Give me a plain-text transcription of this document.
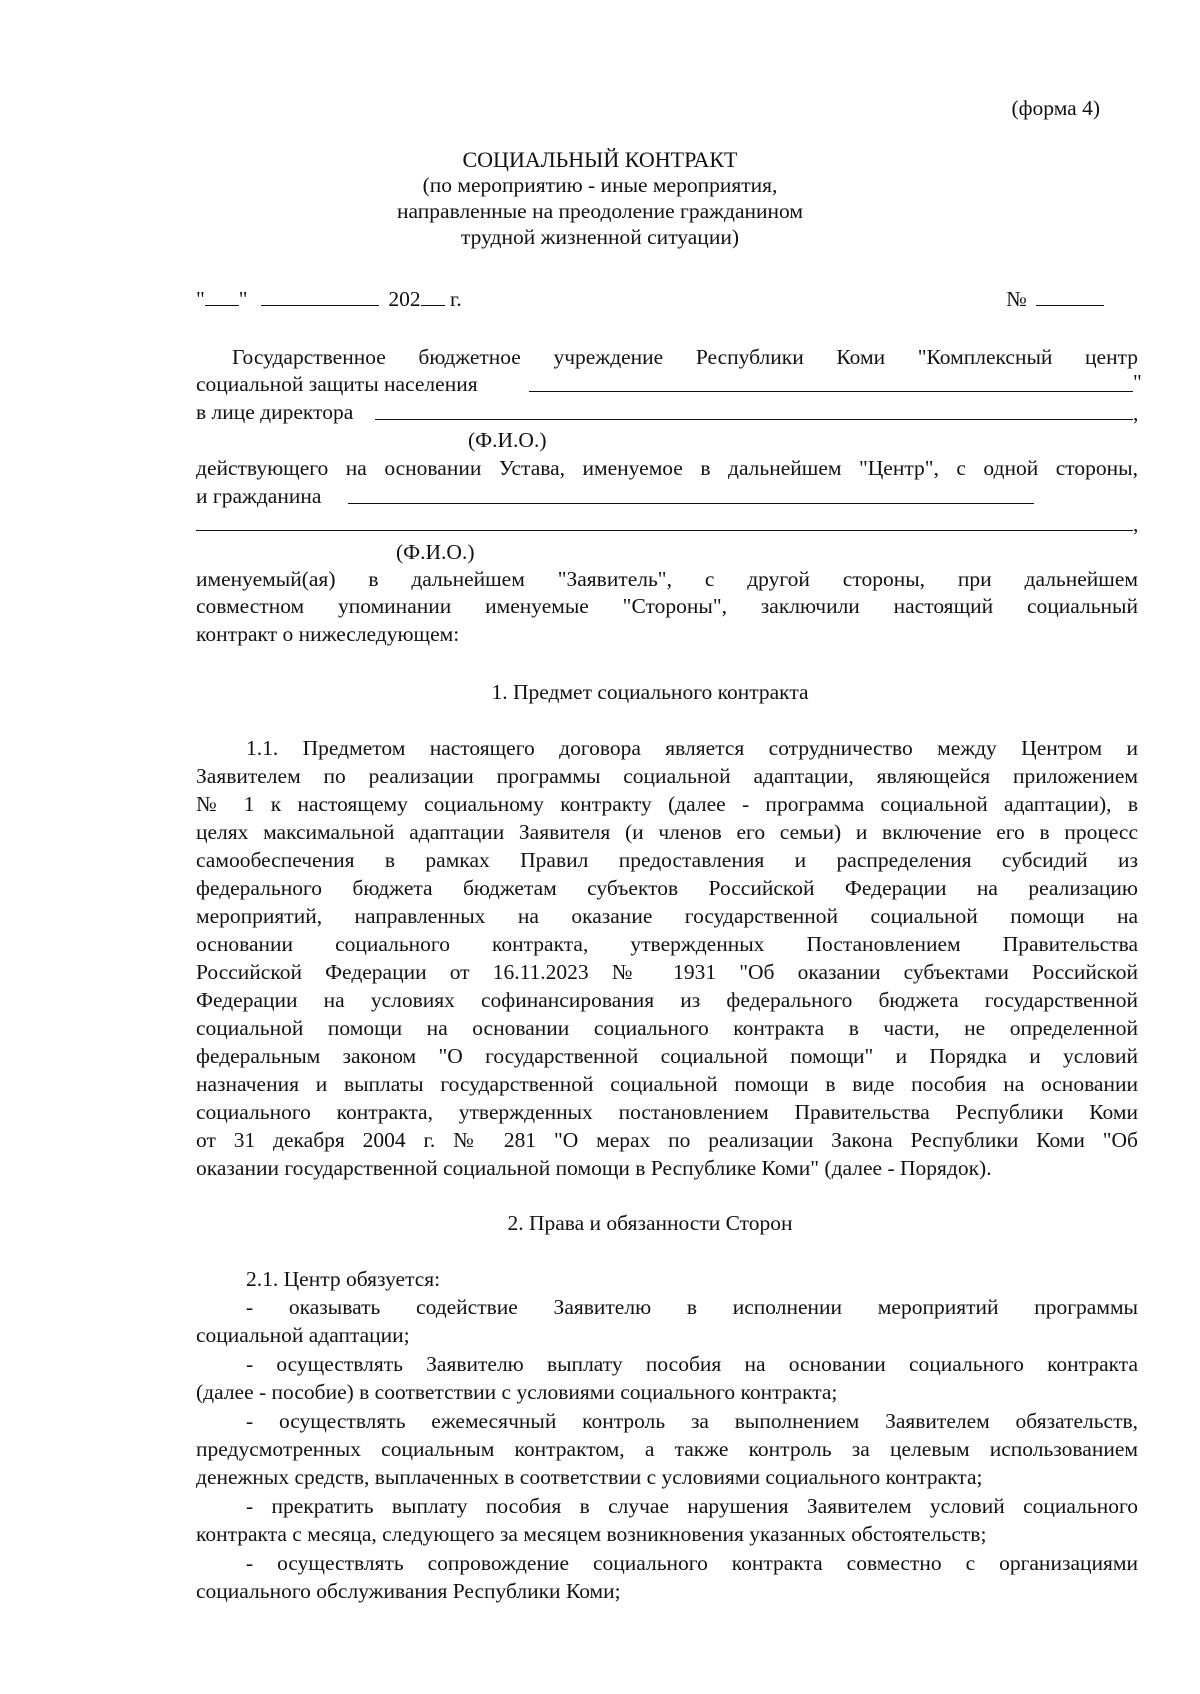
(форма 4)
СОЦИАЛЬНЫЙ КОНТРАКТ
(по мероприятию - иные мероприятия,
направленные на преодоление гражданином
трудной жизненной ситуации)
" "	202 г.	№
Государственное бюджетное учреждение Республики Коми "Комплексный центр
социальной защиты населения	"
в лице директора	,
(Ф.И.О.)
действующего на основании Устава, именуемое в дальнейшем "Центр", с одной стороны,
и гражданина
,
(Ф.И.О.)
именуемый(ая) в дальнейшем "Заявитель", с другой стороны, при дальнейшем
совместном упоминании именуемые "Стороны", заключили настоящий социальный
контракт о нижеследующем:
1. Предмет социального контракта
1.1. Предметом настоящего договора является сотрудничество между Центром и
Заявителем по реализации программы социальной адаптации, являющейся приложением
№ 1 к настоящему социальному контракту (далее - программа социальной адаптации), в
целях максимальной адаптации Заявителя (и членов его семьи) и включение его в процесс
самообеспечения в рамках Правил предоставления и распределения субсидий из
федерального бюджета бюджетам субъектов Российской Федерации на реализацию
мероприятий, направленных на оказание государственной социальной помощи на
основании социального контракта, утвержденных Постановлением Правительства
Российской Федерации от 16.11.2023 № 1931 "Об оказании субъектами Российской
Федерации на условиях софинансирования из федерального бюджета государственной
социальной помощи на основании социального контракта в части, не определенной
федеральным законом "О государственной социальной помощи" и Порядка и условий
назначения и выплаты государственной социальной помощи в виде пособия на основании
социального контракта, утвержденных постановлением Правительства Республики Коми
от 31 декабря 2004 г. № 281 "О мерах по реализации Закона Республики Коми "Об
оказании государственной социальной помощи в Республике Коми" (далее - Порядок).
2. Права и обязанности Сторон
2.1. Центр обязуется:
- оказывать содействие Заявителю в исполнении мероприятий программы
социальной адаптации;
- осуществлять Заявителю выплату пособия на основании социального контракта
(далее - пособие) в соответствии с условиями социального контракта;
- осуществлять ежемесячный контроль за выполнением Заявителем обязательств,
предусмотренных социальным контрактом, а также контроль за целевым использованием
денежных средств, выплаченных в соответствии с условиями социального контракта;
- прекратить выплату пособия в случае нарушения Заявителем условий социального
контракта с месяца, следующего за месяцем возникновения указанных обстоятельств;
- осуществлять сопровождение социального контракта совместно с организациями
социального обслуживания Республики Коми;
